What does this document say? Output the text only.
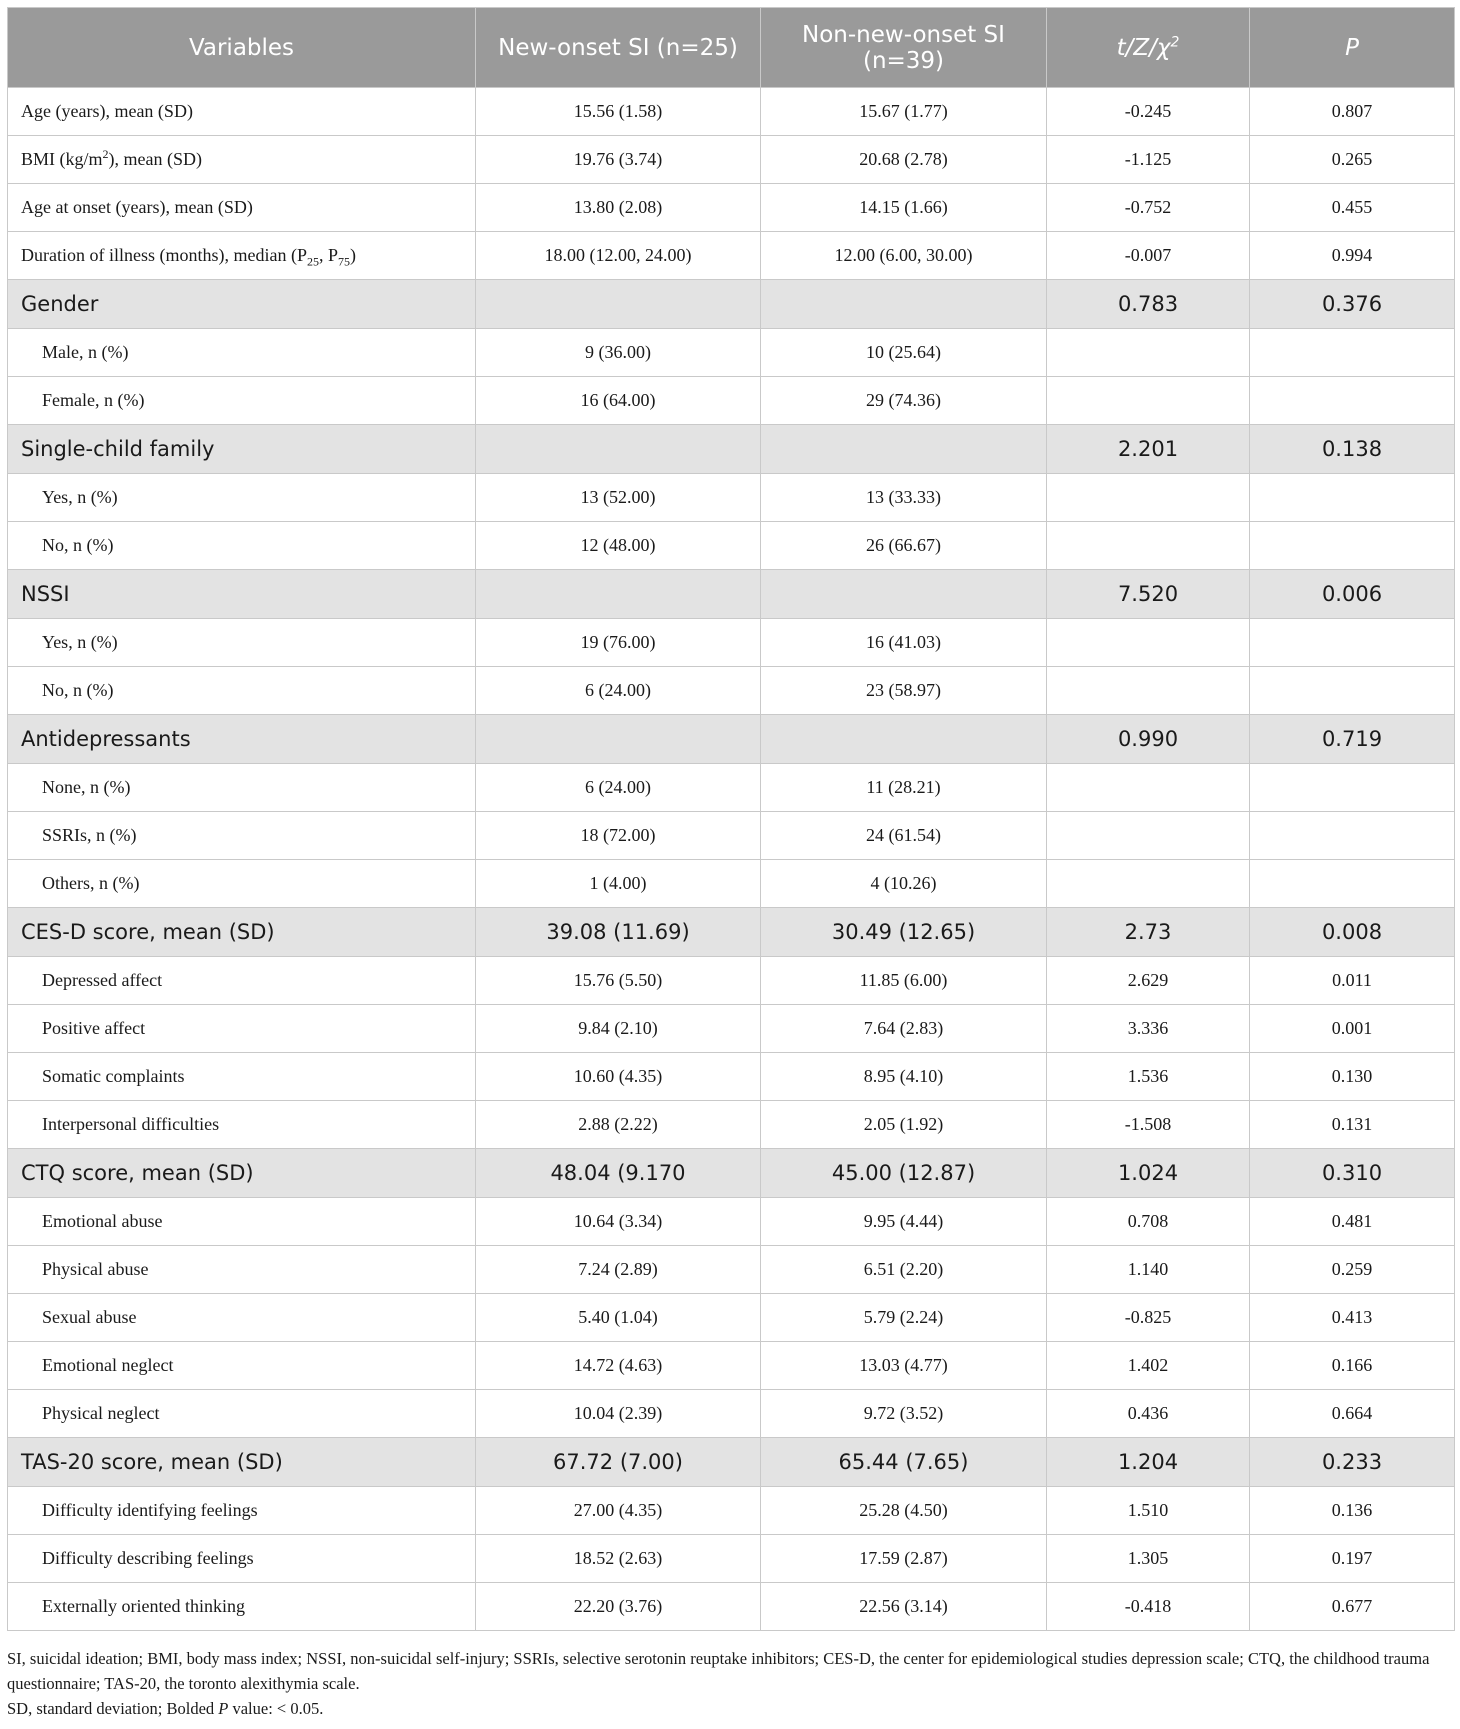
Variables	New-onset SI (n=25)	Non-new-onset SI (n=39)	$t/Z/\chi^2$	P
Age (years), mean (SD)	15.56 (1.58)	15.67 (1.77)	-0.245	0.807
BMI $(kg/m^2)$, mean (SD)	19.76 (3.74)	20.68 (2.78)	-1.125	0.265
Age at onset (years), mean (SD)	13.80 (2.08)	14.15 (1.66)	-0.752	0.455
Duration of illness (months), median ($P_{25}$, $P_{75}$)	18.00 (12.00, 24.00)	12.00 (6.00, 30.00)	-0.007	0.994
Gender			0.783	0.376
Male, n (%)	9 (36.00)	10 (25.64)		
Female, n (%)	16 (64.00)	29 (74.36)		
Single-child family			2.201	0.138
Yes, n (%)	13 (52.00)	13 (33.33)		
No, n (%)	12 (48.00)	26 (66.67)		
NSSI			7.520	0.006
Yes, n (%)	19 (76.00)	16 (41.03)		
No, n (%)	6 (24.00)	23 (58.97)		
Antidepressants			0.990	0.719
None, n (%)	6 (24.00)	11 (28.21)		
SSRIs, n (%)	18 (72.00)	24 (61.54)		
Others, n (%)	1 (4.00)	4 (10.26)		
CES-D score, mean (SD)	39.08 (11.69)	30.49 (12.65)	2.73	0.008
Depressed affect	15.76 (5.50)	11.85 (6.00)	2.629	0.011
Positive affect	9.84 (2.10)	7.64 (2.83)	3.336	0.001
Somatic complaints	10.60 (4.35)	8.95 (4.10)	1.536	0.130
Interpersonal difficulties	2.88 (2.22)	2.05 (1.92)	-1.508	0.131
CTQ score, mean (SD)	48.04 (9.170	45.00 (12.87)	1.024	0.310
Emotional abuse	10.64 (3.34)	9.95 (4.44)	0.708	0.481
Physical abuse	7.24 (2.89)	6.51 (2.20)	1.140	0.259
Sexual abuse	5.40 (1.04)	5.79 (2.24)	-0.825	0.413
Emotional neglect	14.72 (4.63)	13.03 (4.77)	1.402	0.166
Physical neglect	10.04 (2.39)	9.72 (3.52)	0.436	0.664
TAS-20 score, mean (SD)	67.72 (7.00)	65.44 (7.65)	1.204	0.233
Difficulty identifying feelings	27.00 (4.35)	25.28 (4.50)	1.510	0.136
Difficulty describing feelings	18.52 (2.63)	17.59 (2.87)	1.305	0.197
Externally oriented thinking	22.20 (3.76)	22.56 (3.14)	-0.418	0.677

SI, suicidal ideation; BMI, body mass index; NSSI, non-suicidal self-injury; SSRIs, selective serotonin reuptake inhibitors; CES-D, the center for epidemiological studies depression scale; CTQ, the childhood trauma questionnaire; TAS-20, the toronto alexithymia scale.

SD, standard deviation; Bolded P value: < 0.05.
